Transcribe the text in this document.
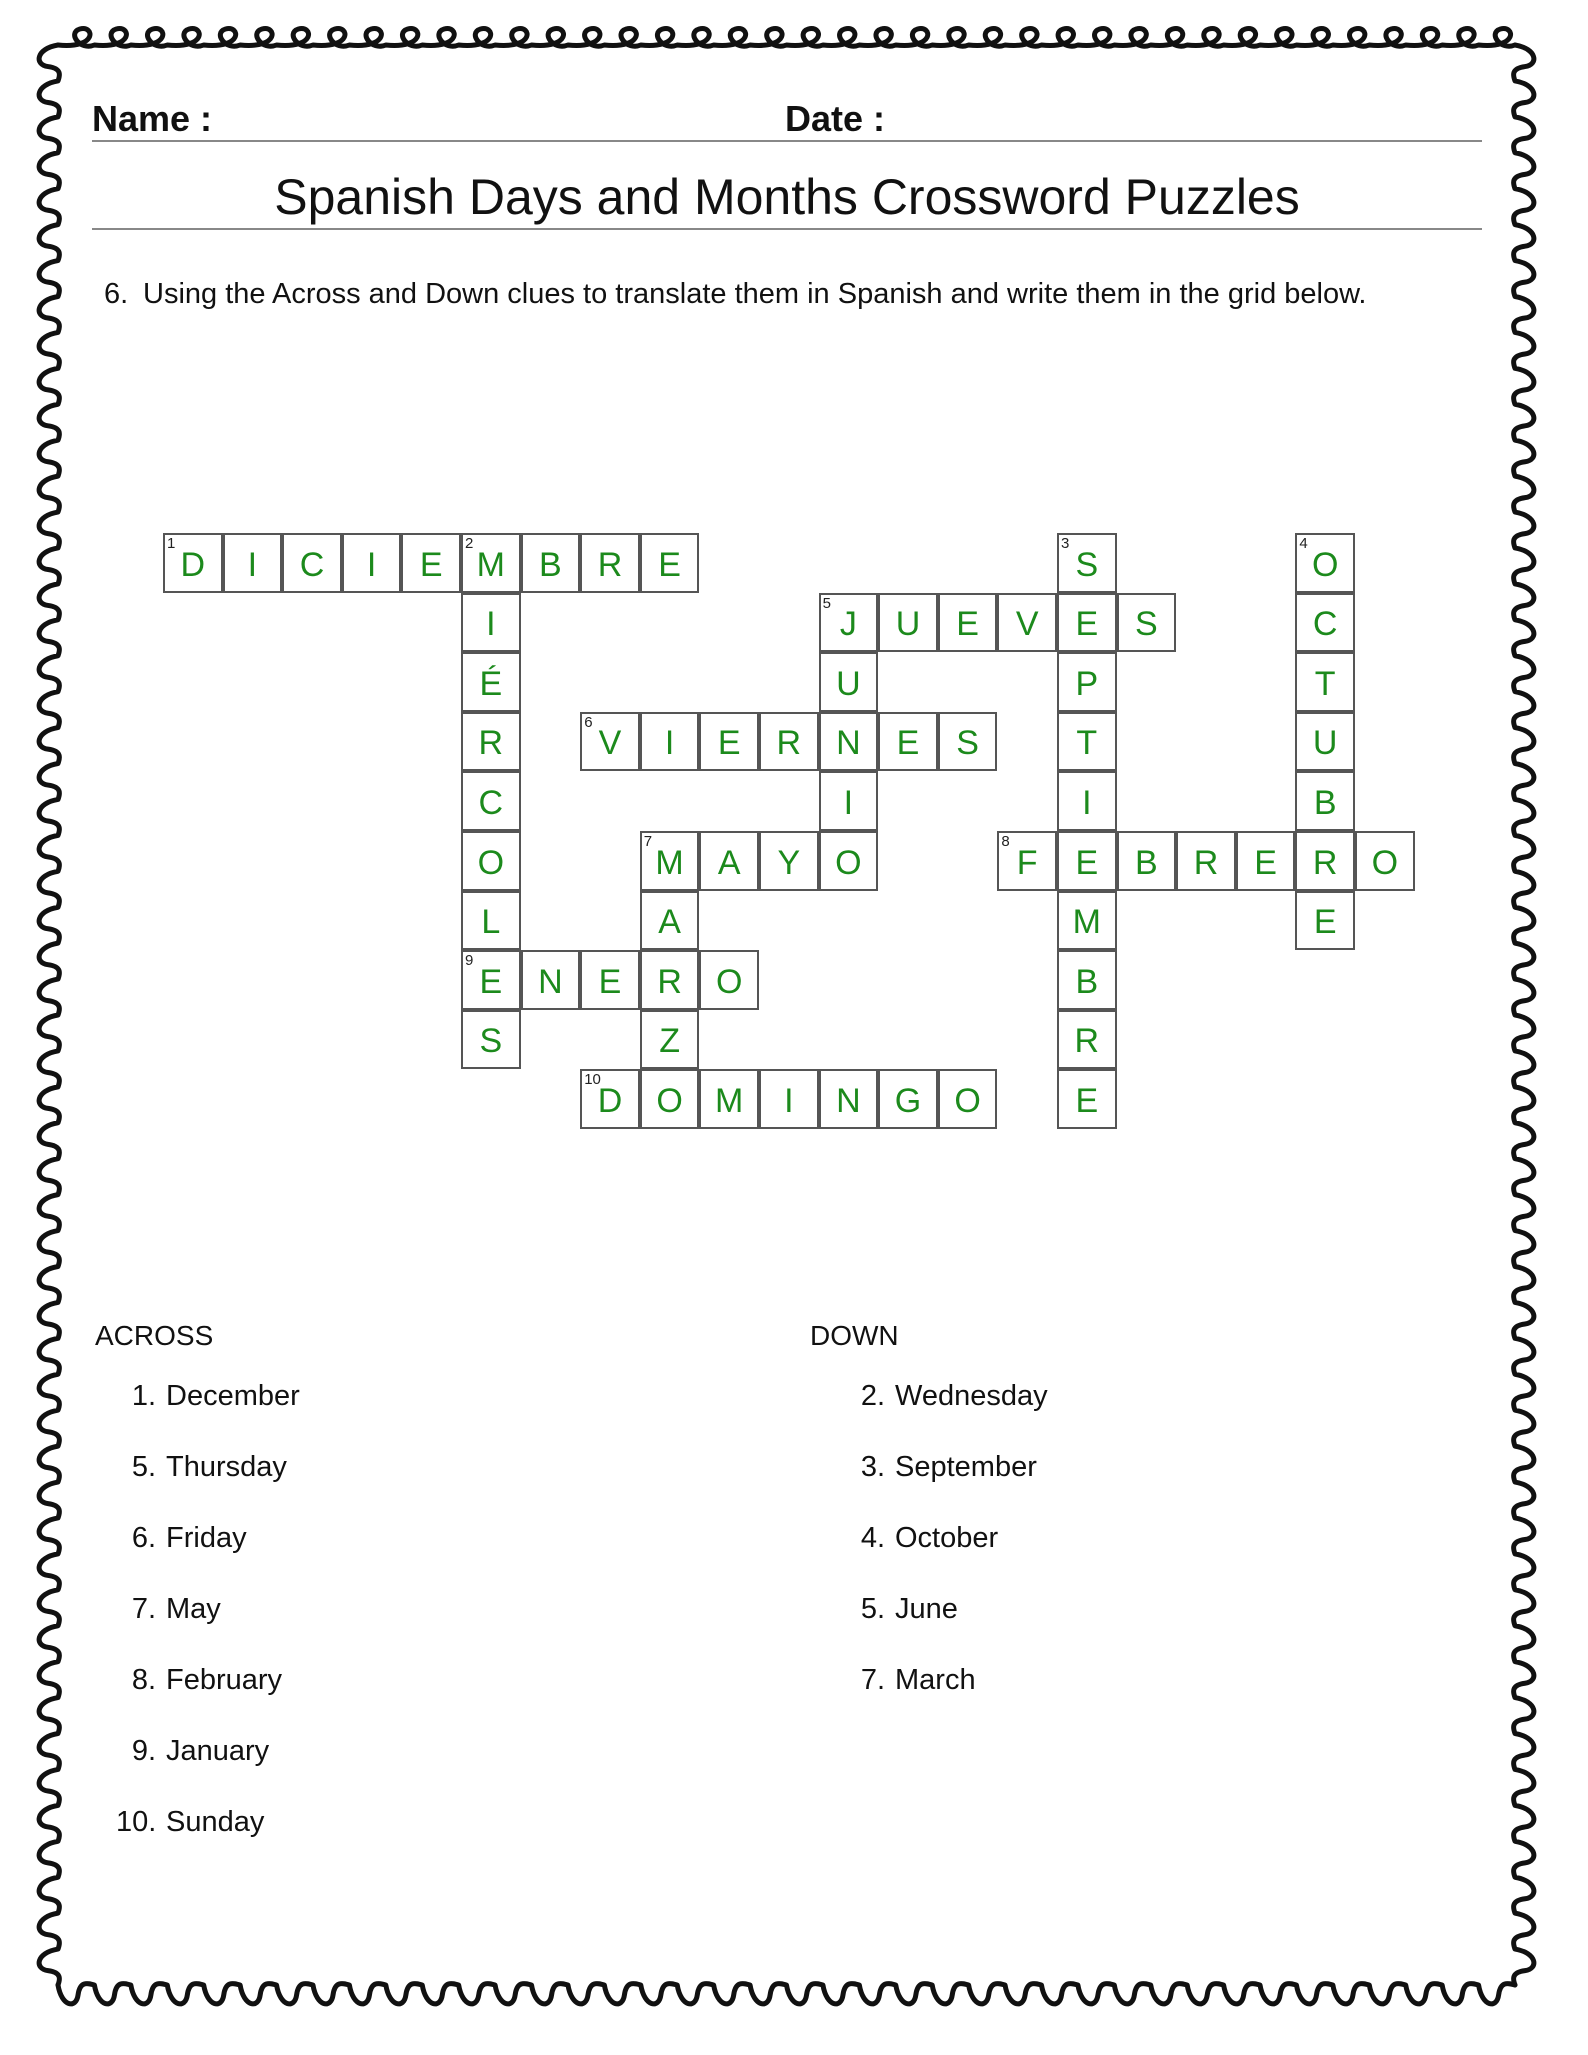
Name :	Date :
Spanish Days and Months Crossword Puzzles
6. Using the Across and Down clues to translate them in Spanish and write them in the grid below.
D
1
I	C	I	E	M
2
B	R	E
I
É
R
C
O
L
E
9
S
S
3
E
P
T
I
E
M
B
R
E
O
4
C
T
U
B
R
E
J
5
U	E	V	S
U
N
I
O
V
6
I	E	R	E	S
M
7
A	Y
A
R
Z
O
F
8
B	R	E	O
N	E	O
D
10
M	I	N	G O
ACROSS	DOWN
1. December
5. Thursday
6. Friday
7. May
8. February
9. January
10. Sunday
2. Wednesday
3. September
4. October
5. June
7. March
